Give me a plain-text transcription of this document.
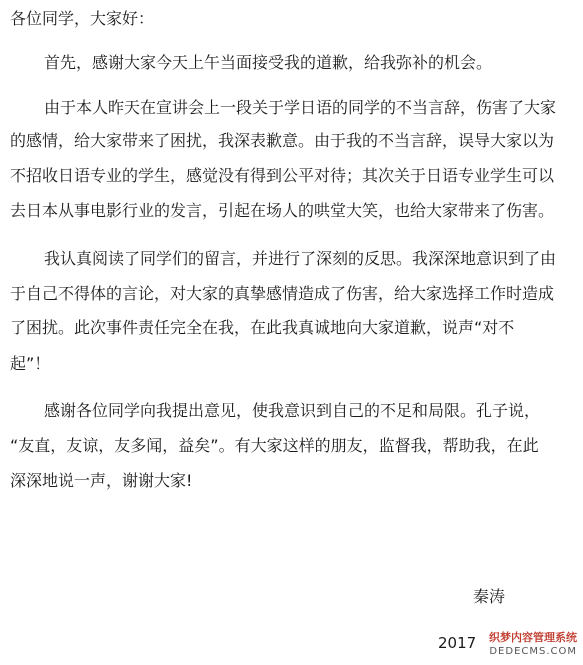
各位同学，大家好：

首先，感谢大家今天上午当面接受我的道歉，给我弥补的机会。

由于本人昨天在宣讲会上一段关于学日语的同学的不当言辞，伤害了大家

的感情，给大家带来了困扰，我深表歉意。由于我的不当言辞，误导大家以为

不招收日语专业的学生，感觉没有得到公平对待；其次关于日语专业学生可以

去日本从事电影行业的发言，引起在场人的哄堂大笑，也给大家带来了伤害。

我认真阅读了同学们的留言，并进行了深刻的反思。我深深地意识到了由

于自己不得体的言论，对大家的真挚感情造成了伤害，给大家选择工作时造成

了困扰。此次事件责任完全在我，在此我真诚地向大家道歉，说声“对不

起”！

感谢各位同学向我提出意见，使我意识到自己的不足和局限。孔子说，

“友直，友谅，友多闻，益矣”。有大家这样的朋友，监督我，帮助我，在此

深深地说一声，谢谢大家!

秦涛

2017	织梦内容管理系统
DEDECMS.COM
